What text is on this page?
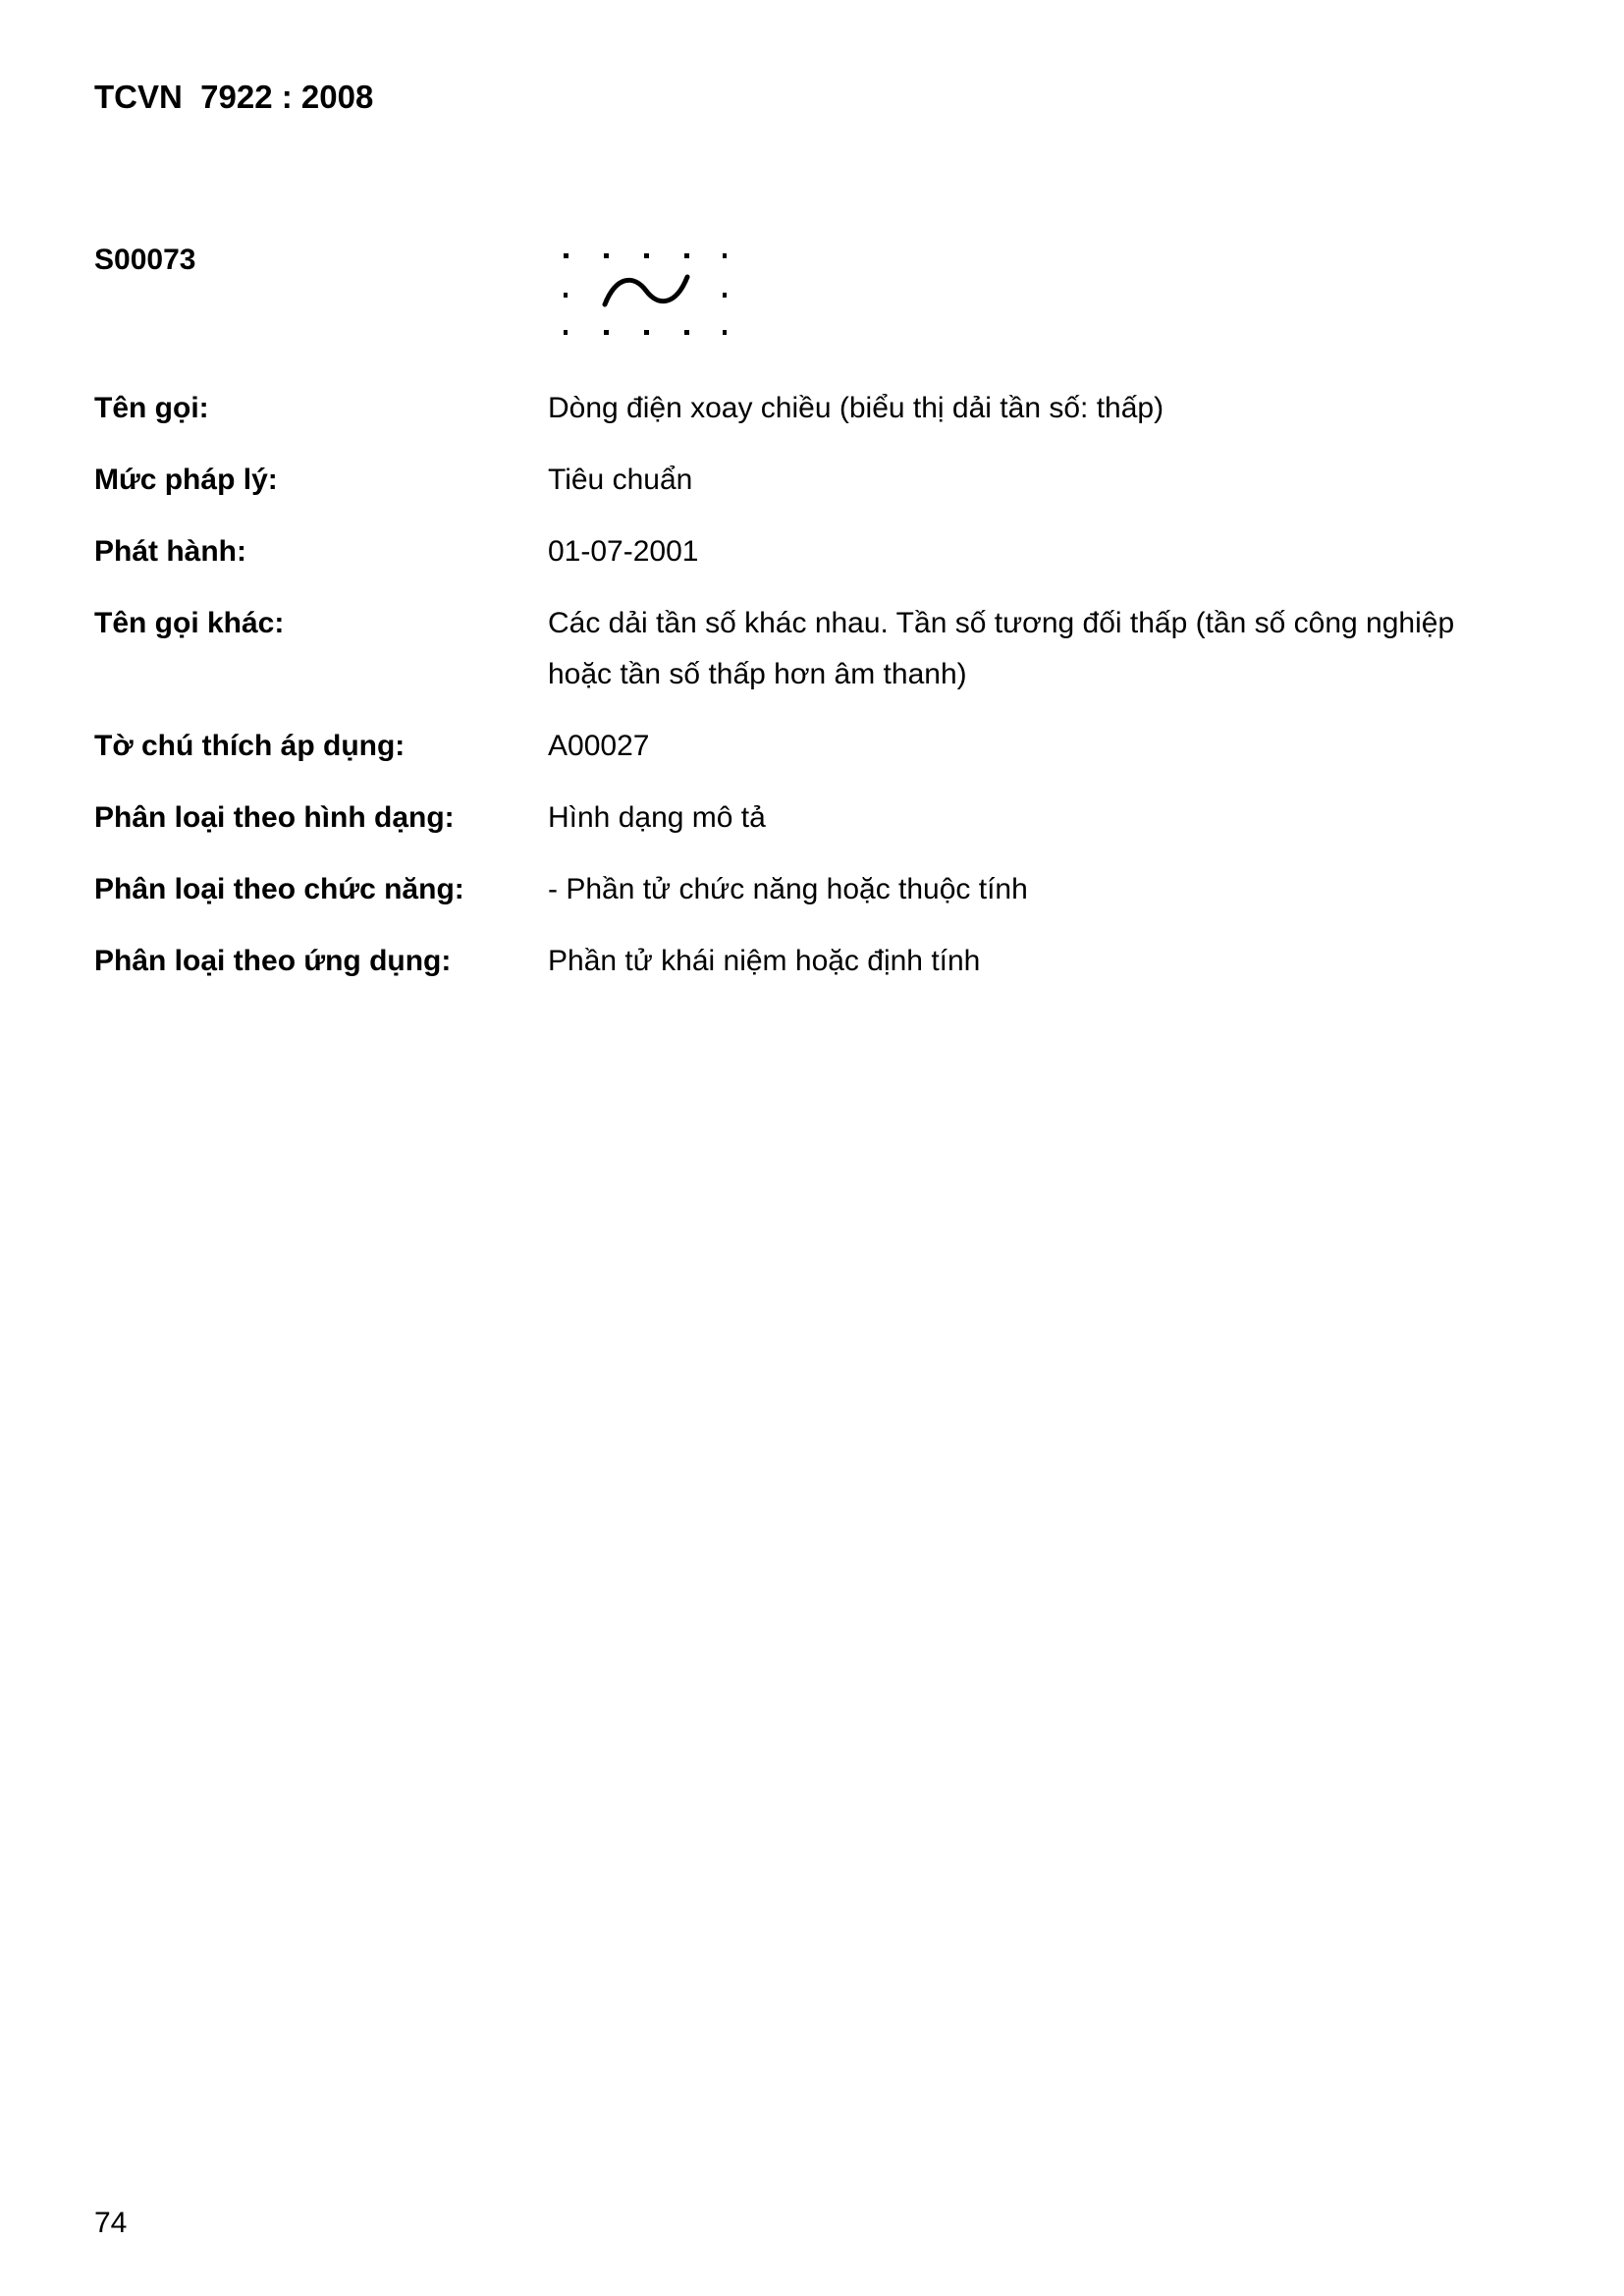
TCVN  7922 : 2008
S00073
Tên gọi:	Dòng điện xoay chiều (biểu thị dải tần số: thấp)
Mức pháp lý:	Tiêu chuẩn
Phát hành:	01-07-2001
Tên gọi khác:	Các dải tần số khác nhau. Tần số tương đối thấp (tần số công nghiệp hoặc tần số thấp hơn âm thanh)
Tờ chú thích áp dụng:	A00027
Phân loại theo hình dạng:	Hình dạng mô tả
Phân loại theo chức năng:	- Phần tử chức năng hoặc thuộc tính
Phân loại theo ứng dụng:	Phần tử khái niệm hoặc định tính
74
